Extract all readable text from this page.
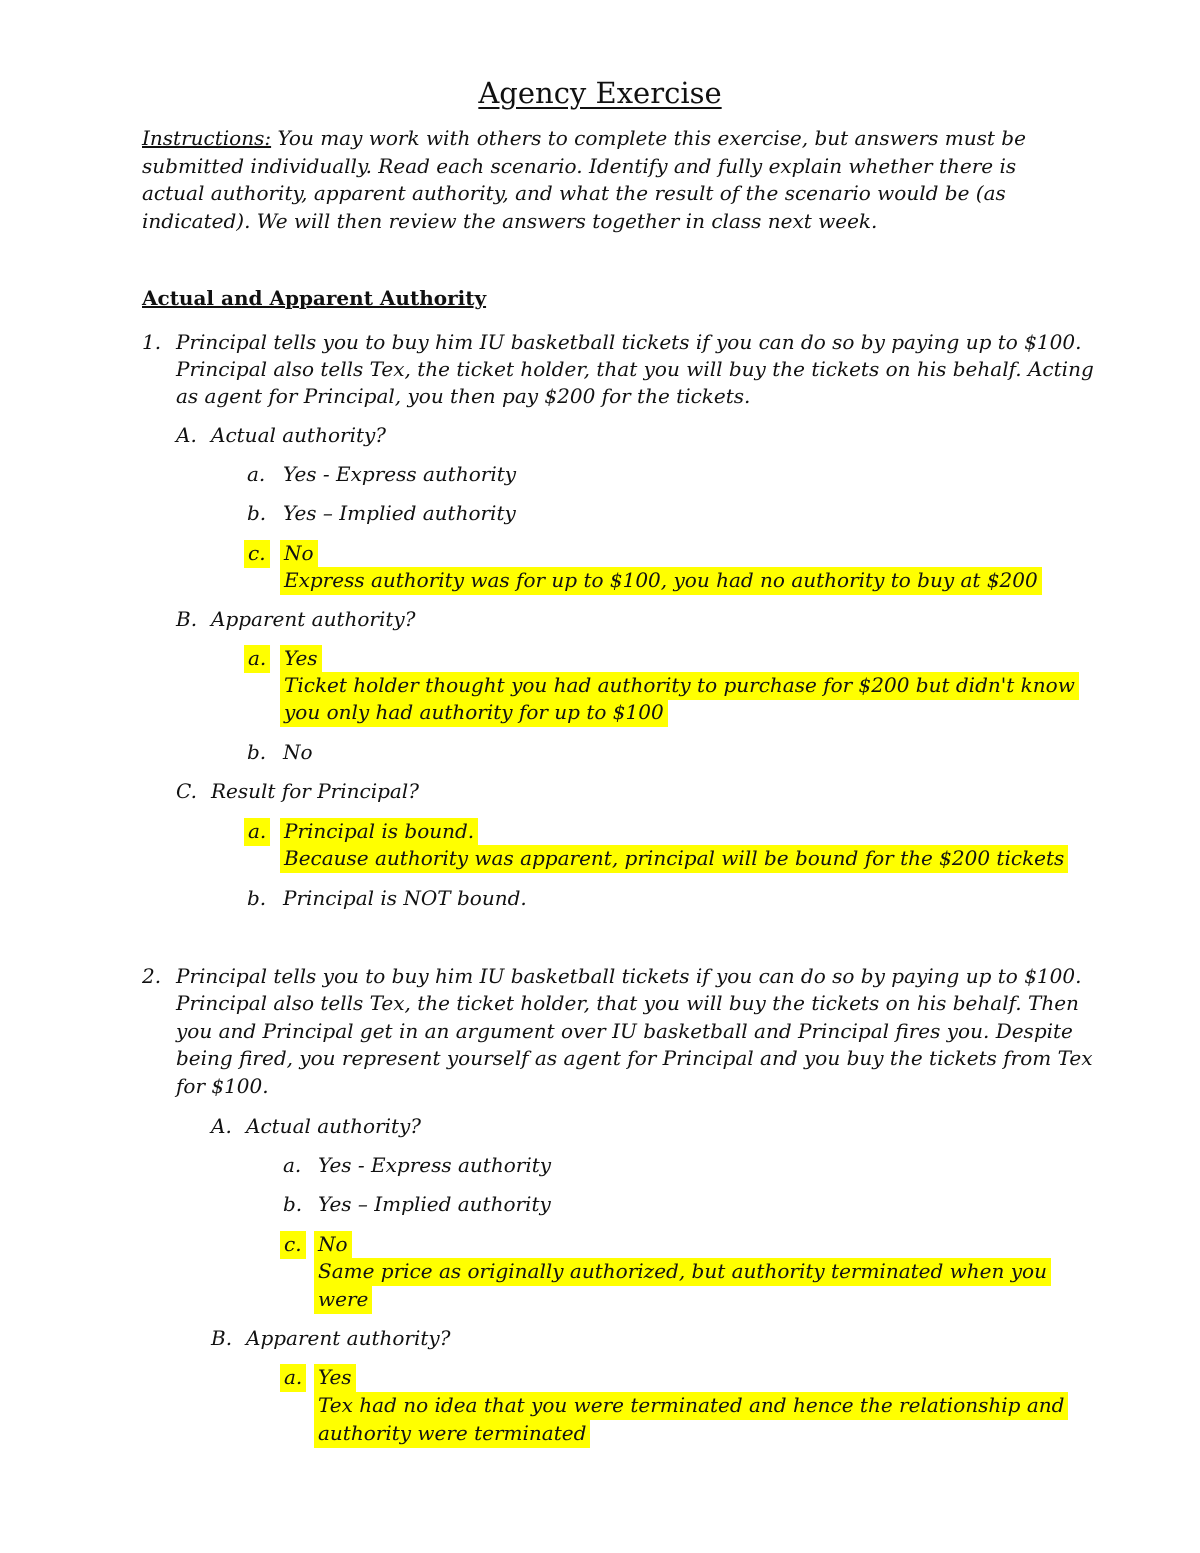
Agency Exercise
Instructions: You may work with others to complete this exercise, but answers must be submitted individually. Read each scenario. Identify and fully explain whether there is actual authority, apparent authority, and what the result of the scenario would be (as indicated). We will then review the answers together in class next week.
Actual and Apparent Authority
1. Principal tells you to buy him IU basketball tickets if you can do so by paying up to $100.
Principal also tells Tex, the ticket holder, that you will buy the tickets on his behalf. Acting
as agent for Principal, you then pay $200 for the tickets.
A. Actual authority?
a. Yes - Express authority
b. Yes – Implied authority
c. No
Express authority was for up to $100, you had no authority to buy at $200
B. Apparent authority?
a. Yes
Ticket holder thought you had authority to purchase for $200 but didn't know
you only had authority for up to $100
b. No
C. Result for Principal?
a. Principal is bound.
Because authority was apparent, principal will be bound for the $200 tickets
b. Principal is NOT bound.
2. Principal tells you to buy him IU basketball tickets if you can do so by paying up to $100.
Principal also tells Tex, the ticket holder, that you will buy the tickets on his behalf. Then
you and Principal get in an argument over IU basketball and Principal fires you. Despite
being fired, you represent yourself as agent for Principal and you buy the tickets from Tex
for $100.
A. Actual authority?
a. Yes - Express authority
b. Yes – Implied authority
c. No
Same price as originally authorized, but authority terminated when you
were
B. Apparent authority?
a. Yes
Tex had no idea that you were terminated and hence the relationship and
authority were terminated
